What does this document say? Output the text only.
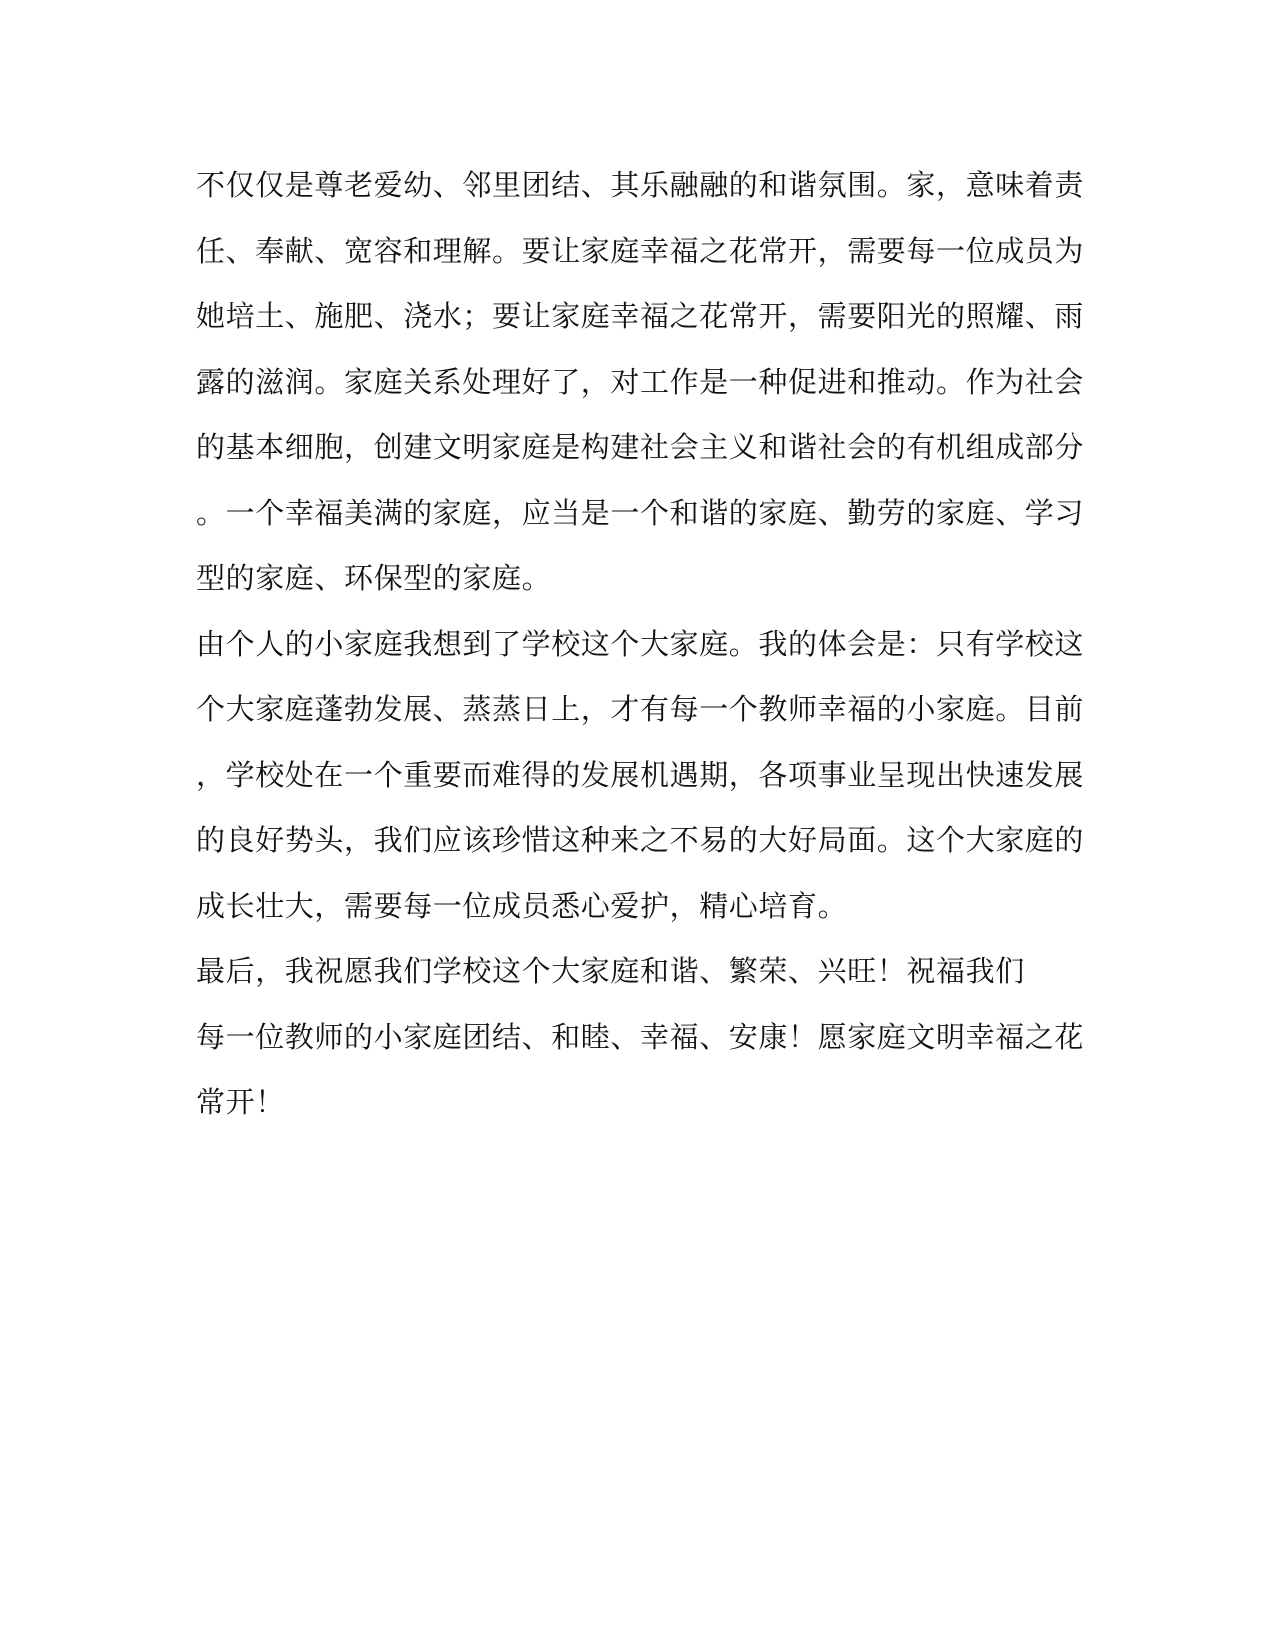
不仅仅是尊老爱幼、邻里团结、其乐融融的和谐氛围。家，意味着责
任、奉献、宽容和理解。要让家庭幸福之花常开，需要每一位成员为
她培土、施肥、浇水；要让家庭幸福之花常开，需要阳光的照耀、雨
露的滋润。家庭关系处理好了，对工作是一种促进和推动。作为社会
的基本细胞，创建文明家庭是构建社会主义和谐社会的有机组成部分
。一个幸福美满的家庭，应当是一个和谐的家庭、勤劳的家庭、学习
型的家庭、环保型的家庭。
由个人的小家庭我想到了学校这个大家庭。我的体会是：只有学校这
个大家庭蓬勃发展、蒸蒸日上，才有每一个教师幸福的小家庭。目前
，学校处在一个重要而难得的发展机遇期，各项事业呈现出快速发展
的良好势头，我们应该珍惜这种来之不易的大好局面。这个大家庭的
成长壮大，需要每一位成员悉心爱护，精心培育。
最后，我祝愿我们学校这个大家庭和谐、繁荣、兴旺！祝福我们
每一位教师的小家庭团结、和睦、幸福、安康！愿家庭文明幸福之花
常开！
